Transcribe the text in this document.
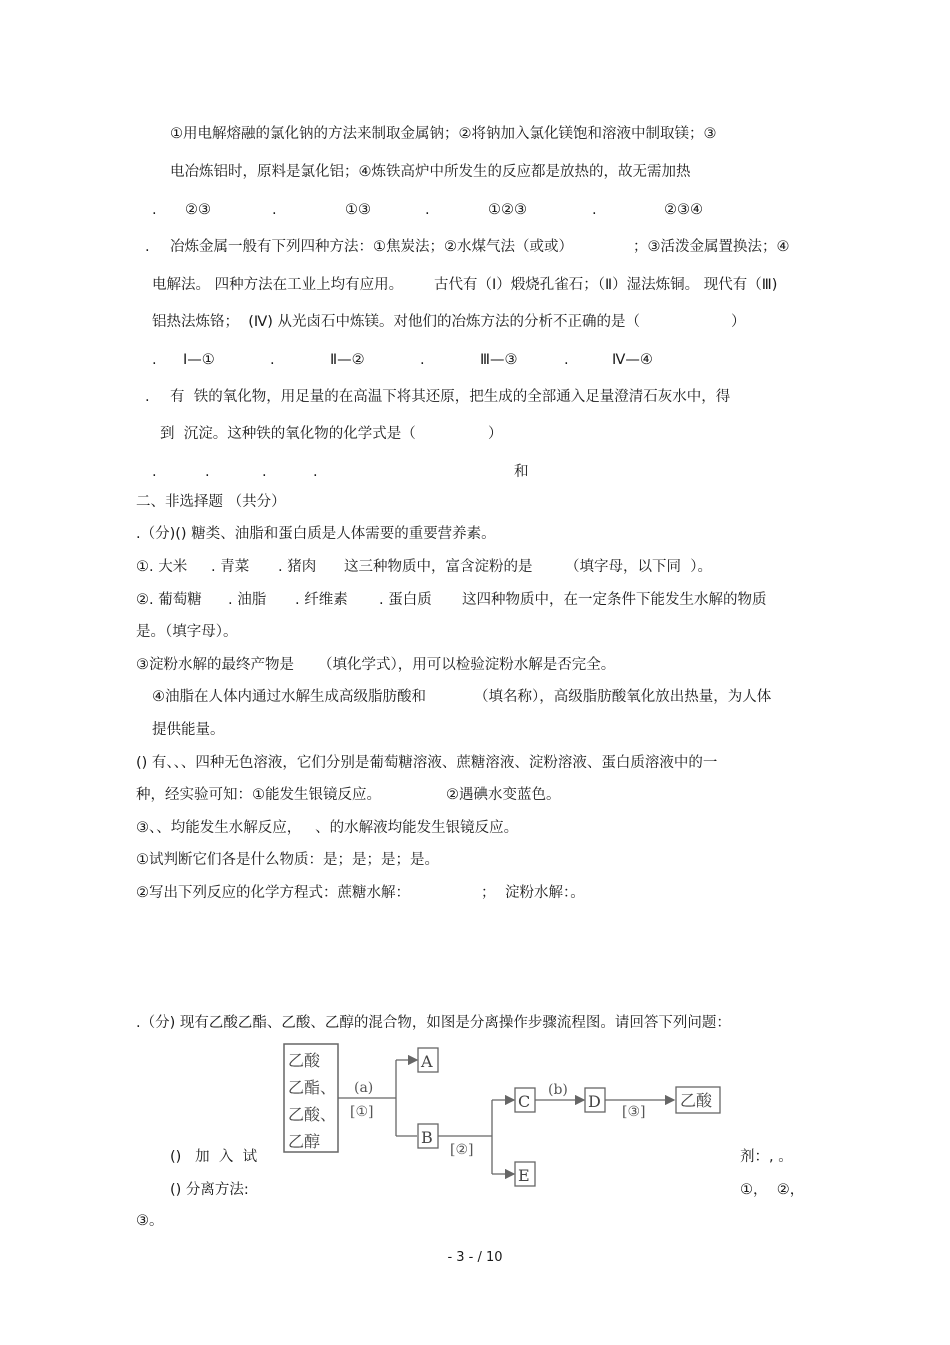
①用电解熔融的氯化钠的方法来制取金属钠；②将钠加入氯化镁饱和溶液中制取镁；③
电冶炼铝时，原料是氯化铝；④炼铁高炉中所发生的反应都是放热的，故无需加热
. ②③	.	①③	.	①②③	.	②③④
. 冶炼金属一般有下列四种方法：①焦炭法；②水煤气法（或或）	；③活泼金属置换法；④
电解法。 四种方法在工业上均有应用。 古代有（Ⅰ）煅烧孔雀石；（Ⅱ）湿法炼铜。 现代有（Ⅲ)
铝热法炼铬；  (Ⅳ) 从光卤石中炼镁。对他们的冶炼方法的分析不正确的是（	）
. Ⅰ—①	.	Ⅱ—②	.	Ⅲ—③	.	Ⅳ—④
. 有  铁的氧化物，用足量的在高温下将其还原，把生成的全部通入足量澄清石灰水中，得
到  沉淀。这种铁的氧化物的化学式是（	）
.	.	.	.	和
二、非选择题 （共分）
.（分)() 糖类、油脂和蛋白质是人体需要的重要营养素。
①. 大米 . 青菜 . 猪肉 这三种物质中，富含淀粉的是 （填字母，以下同  ）。
②. 葡萄糖 . 油脂 . 纤维素 . 蛋白质 这四种物质中，在一定条件下能发生水解的物质
是。（填字母）。
③淀粉水解的最终产物是 （填化学式），用可以检验淀粉水解是否完全。
④油脂在人体内通过水解生成高级脂肪酸和	（填名称），高级脂肪酸氧化放出热量，为人体
提供能量。
() 有、、、四种无色溶液，它们分别是葡萄糖溶液、蔗糖溶液、淀粉溶液、蛋白质溶液中的一
种，经实验可知：①能发生银镜反应。	②遇碘水变蓝色。
③、、均能发生水解反应，   、的水解液均能发生银镜反应。
①试判断它们各是什么物质：是；是；是；是。
②写出下列反应的化学方程式：蔗糖水解：	； 淀粉水解：。
.（分) 现有乙酸乙酯、乙酸、乙醇的混合物，如图是分离操作步骤流程图。请回答下列问题：
乙酸
乙酯、
乙酸、
乙醇
(a)
[①]
A
B
[②]
C
E
(b)
D
[③]
乙酸
()   加  入  试	剂：, 。
() 分离方法:	①，  ②，
③。
- 3 - / 10
